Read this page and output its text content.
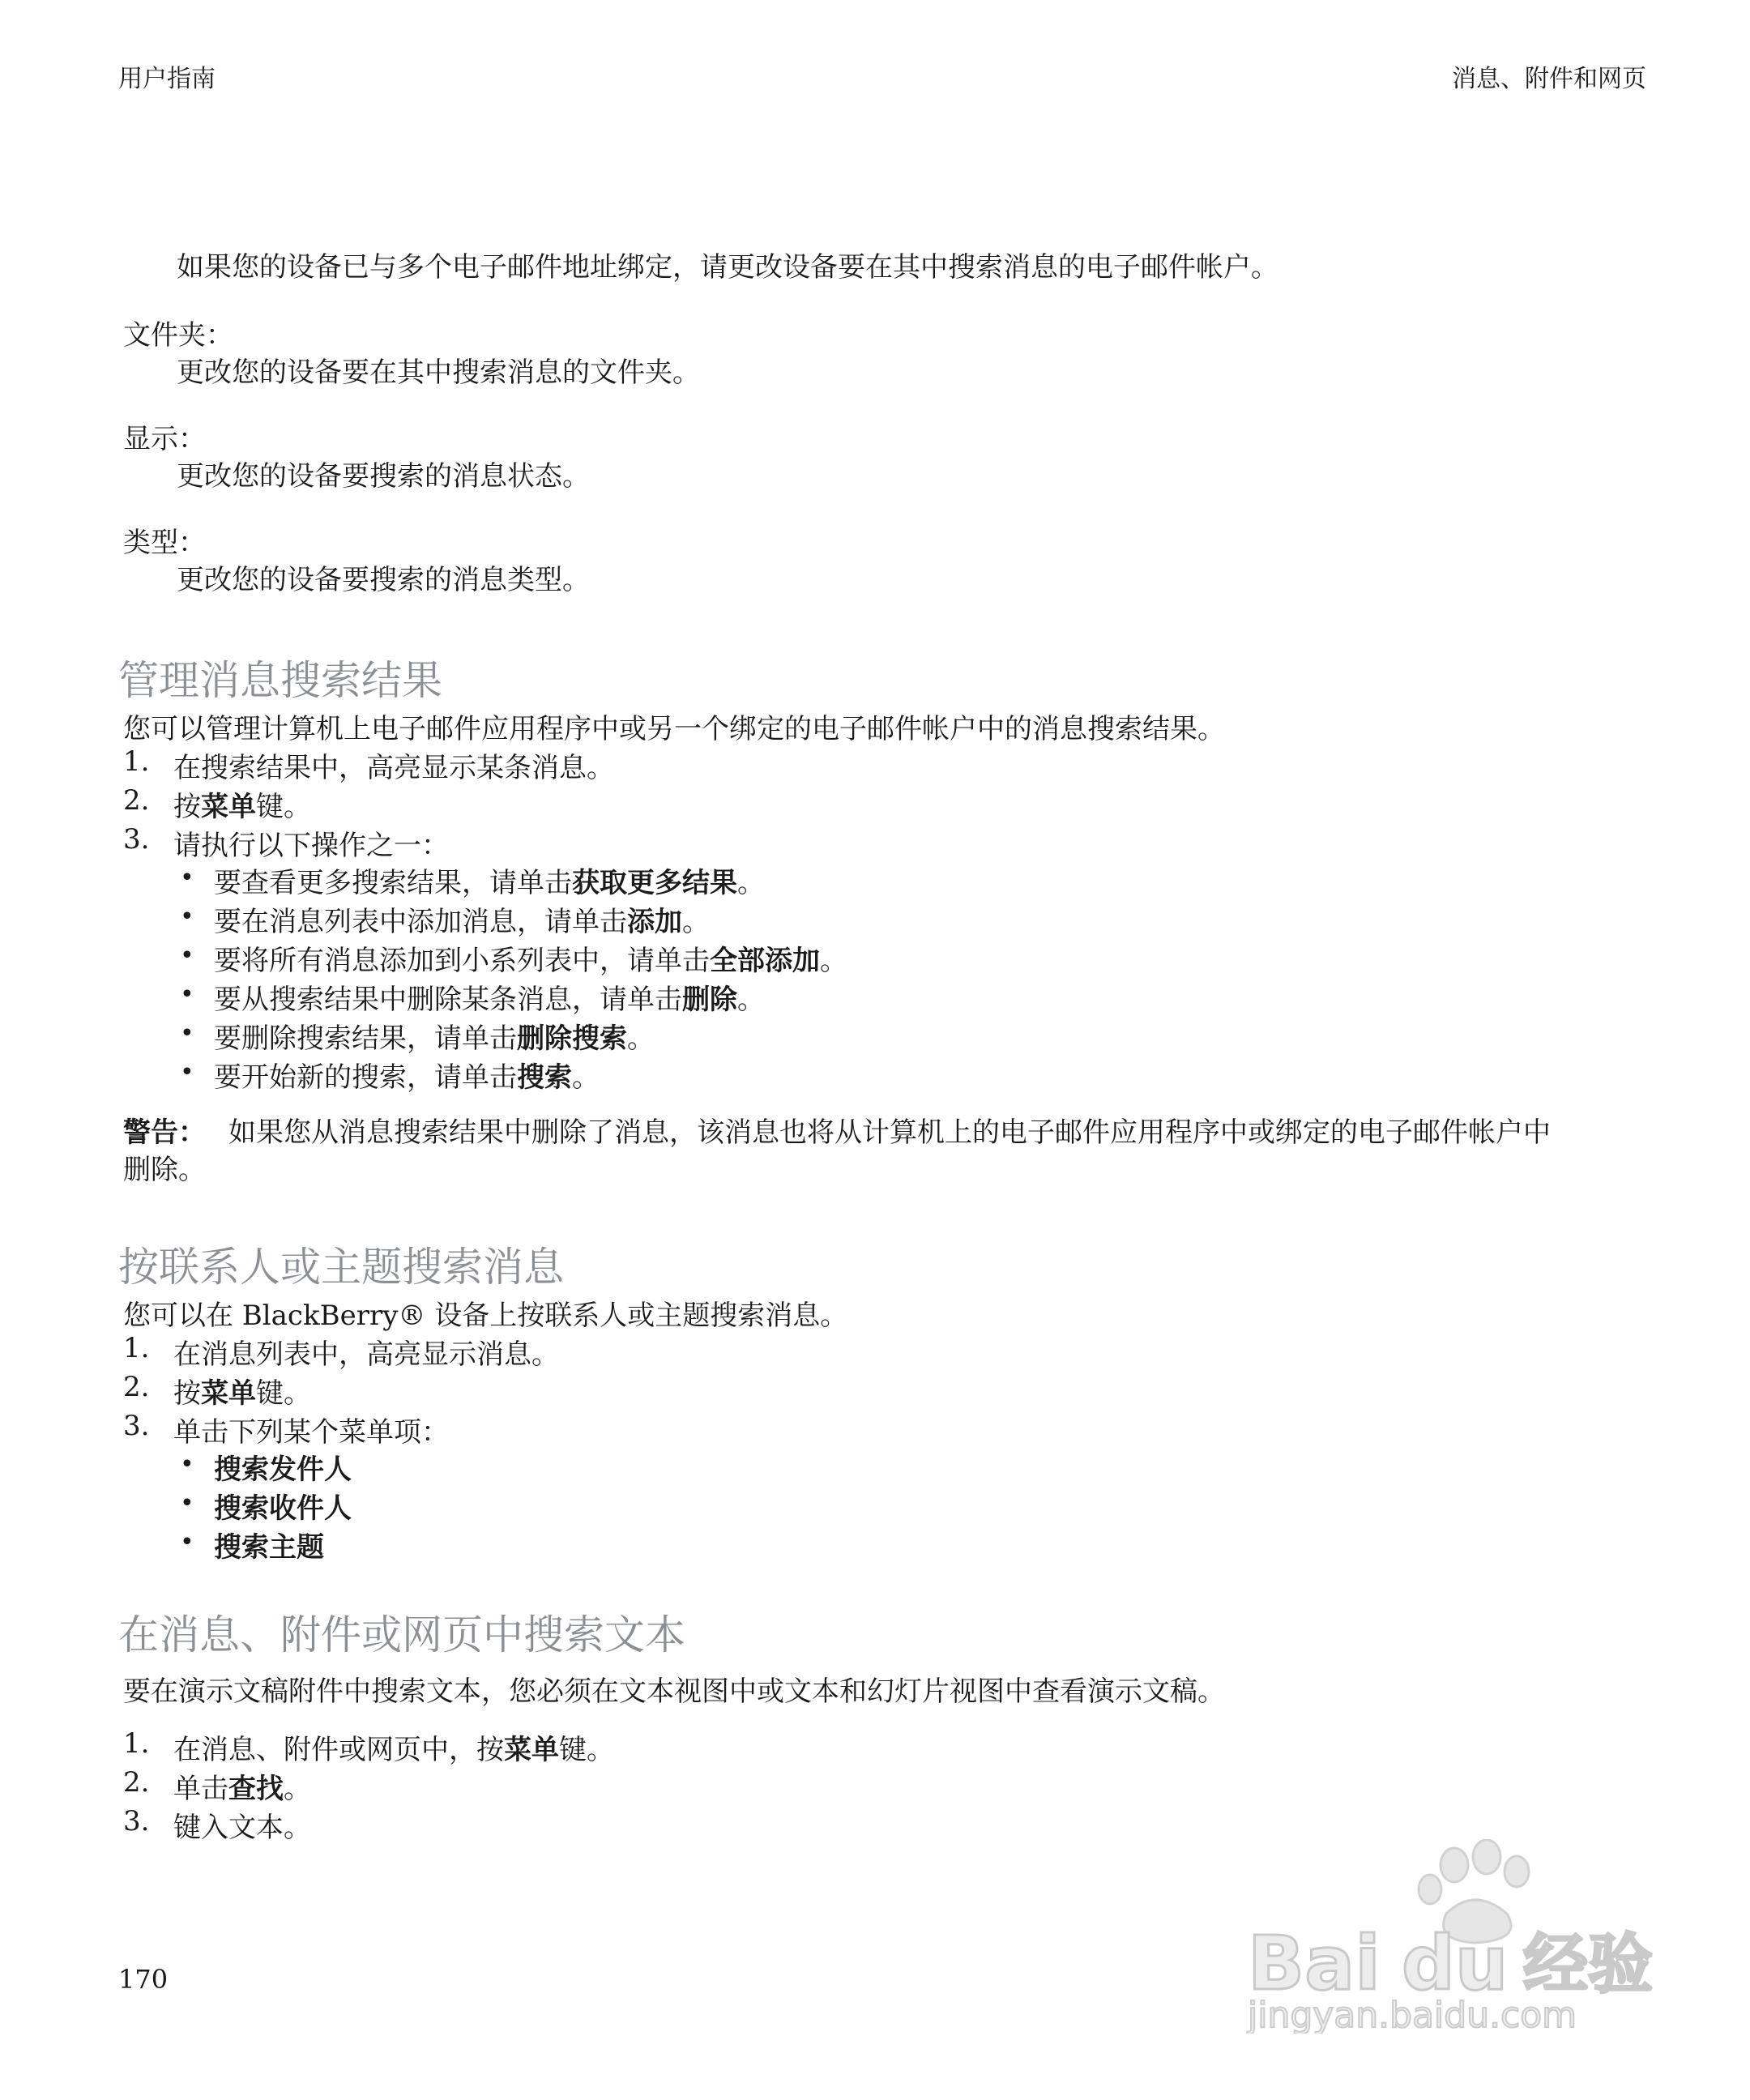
用户指南	消息、附件和网页
如果您的设备已与多个电子邮件地址绑定，请更改设备要在其中搜索消息的电子邮件帐户。
文件夹：
更改您的设备要在其中搜索消息的文件夹。
显示：
更改您的设备要搜索的消息状态。
类型：
更改您的设备要搜索的消息类型。
管理消息搜索结果
您可以管理计算机上电子邮件应用程序中或另一个绑定的电子邮件帐户中的消息搜索结果。
1. 在搜索结果中，高亮显示某条消息。
2. 按菜单键。
3. 请执行以下操作之一：
• 要查看更多搜索结果，请单击获取更多结果。
• 要在消息列表中添加消息，请单击添加。
• 要将所有消息添加到小系列表中，请单击全部添加。
• 要从搜索结果中删除某条消息，请单击删除。
• 要删除搜索结果，请单击删除搜索。
• 要开始新的搜索，请单击搜索。
警告： 如果您从消息搜索结果中删除了消息，该消息也将从计算机上的电子邮件应用程序中或绑定的电子邮件帐户中
删除。
按联系人或主题搜索消息
您可以在 BlackBerry® 设备上按联系人或主题搜索消息。
1. 在消息列表中，高亮显示消息。
2. 按菜单键。
3. 单击下列某个菜单项：
• 搜索发件人
• 搜索收件人
• 搜索主题
在消息、附件或网页中搜索文本
要在演示文稿附件中搜索文本，您必须在文本视图中或文本和幻灯片视图中查看演示文稿。
1. 在消息、附件或网页中，按菜单键。
2. 单击查找。
3. 键入文本。
170	Bai du 经验
jingyan.baidu.com
